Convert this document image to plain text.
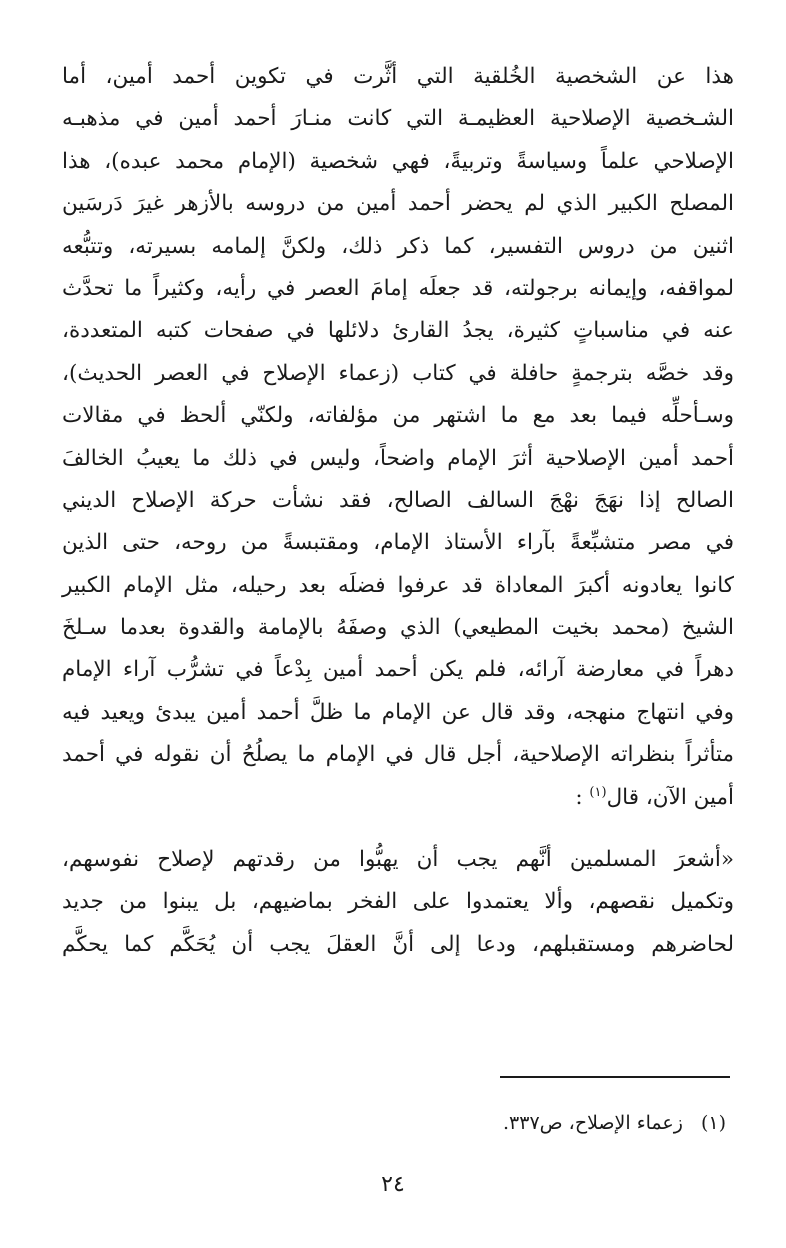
هذا عن الشخصية الخُلقية التي أثَّرت في تكوين أحمد أمين، أما
الشـخصية الإصلاحية العظيمـة التي كانت منـارَ أحمد أمين في مذهبـه
الإصلاحي علماً وسياسةً وتربيةً، فهي شخصية (الإمام محمد عبده)، هذا
المصلح الكبير الذي لم يحضر أحمد أمين من دروسه بالأزهر غيرَ دَرسَين
اثنين من دروس التفسير، كما ذكر ذلك، ولكنَّ إلمامه بسيرته، وتتبُّعه
لمواقفه، وإيمانه برجولته، قد جعلَه إمامَ العصر في رأيه، وكثيراً ما تحدَّث
عنه في مناسباتٍ كثيرة، يجدُ القارئ دلائلها في صفحات كتبه المتعددة،
وقد خصَّه بترجمةٍ حافلة في كتاب (زعماء الإصلاح في العصر الحديث)،
وسـأحلِّه فيما بعد مع ما اشتهر من مؤلفاته، ولكنّي ألحظ في مقالات
أحمد أمين الإصلاحية أثرَ الإمام واضحاً، وليس في ذلك ما يعيبُ الخالفَ
الصالح إذا نهَجَ نهْجَ السالف الصالح، فقد نشأت حركة الإصلاح الديني
في مصر متشبِّعةً بآراء الأستاذ الإمام، ومقتبسةً من روحه، حتى الذين
كانوا يعادونه أكبرَ المعاداة قد عرفوا فضلَه بعد رحيله، مثل الإمام الكبير
الشيخ (محمد بخيت المطيعي) الذي وصفَهُ بالإمامة والقدوة بعدما سـلخَ
دهراً في معارضة آرائه، فلم يكن أحمد أمين بِدْعاً في تشرُّب آراء الإمام
وفي انتهاج منهجه، وقد قال عن الإمام ما ظلَّ أحمد أمين يبدئ ويعيد فيه
متأثراً بنظراته الإصلاحية، أجل قال في الإمام ما يصلُحُ أن نقوله في أحمد
أمين الآن، قال$^{(١)}$ :
«أشعرَ المسلمين أنَّهم يجب أن يهبُّوا من رقدتهم لإصلاح نفوسهم،
وتكميل نقصهم، وألا يعتمدوا على الفخر بماضيهم، بل يبنوا من جديد
لحاضرهم ومستقبلهم، ودعا إلى أنَّ العقلَ يجب أن يُحَكَّم كما يحكَّم
(١)زعماء الإصلاح، ص٣٣٧.
٢٤
